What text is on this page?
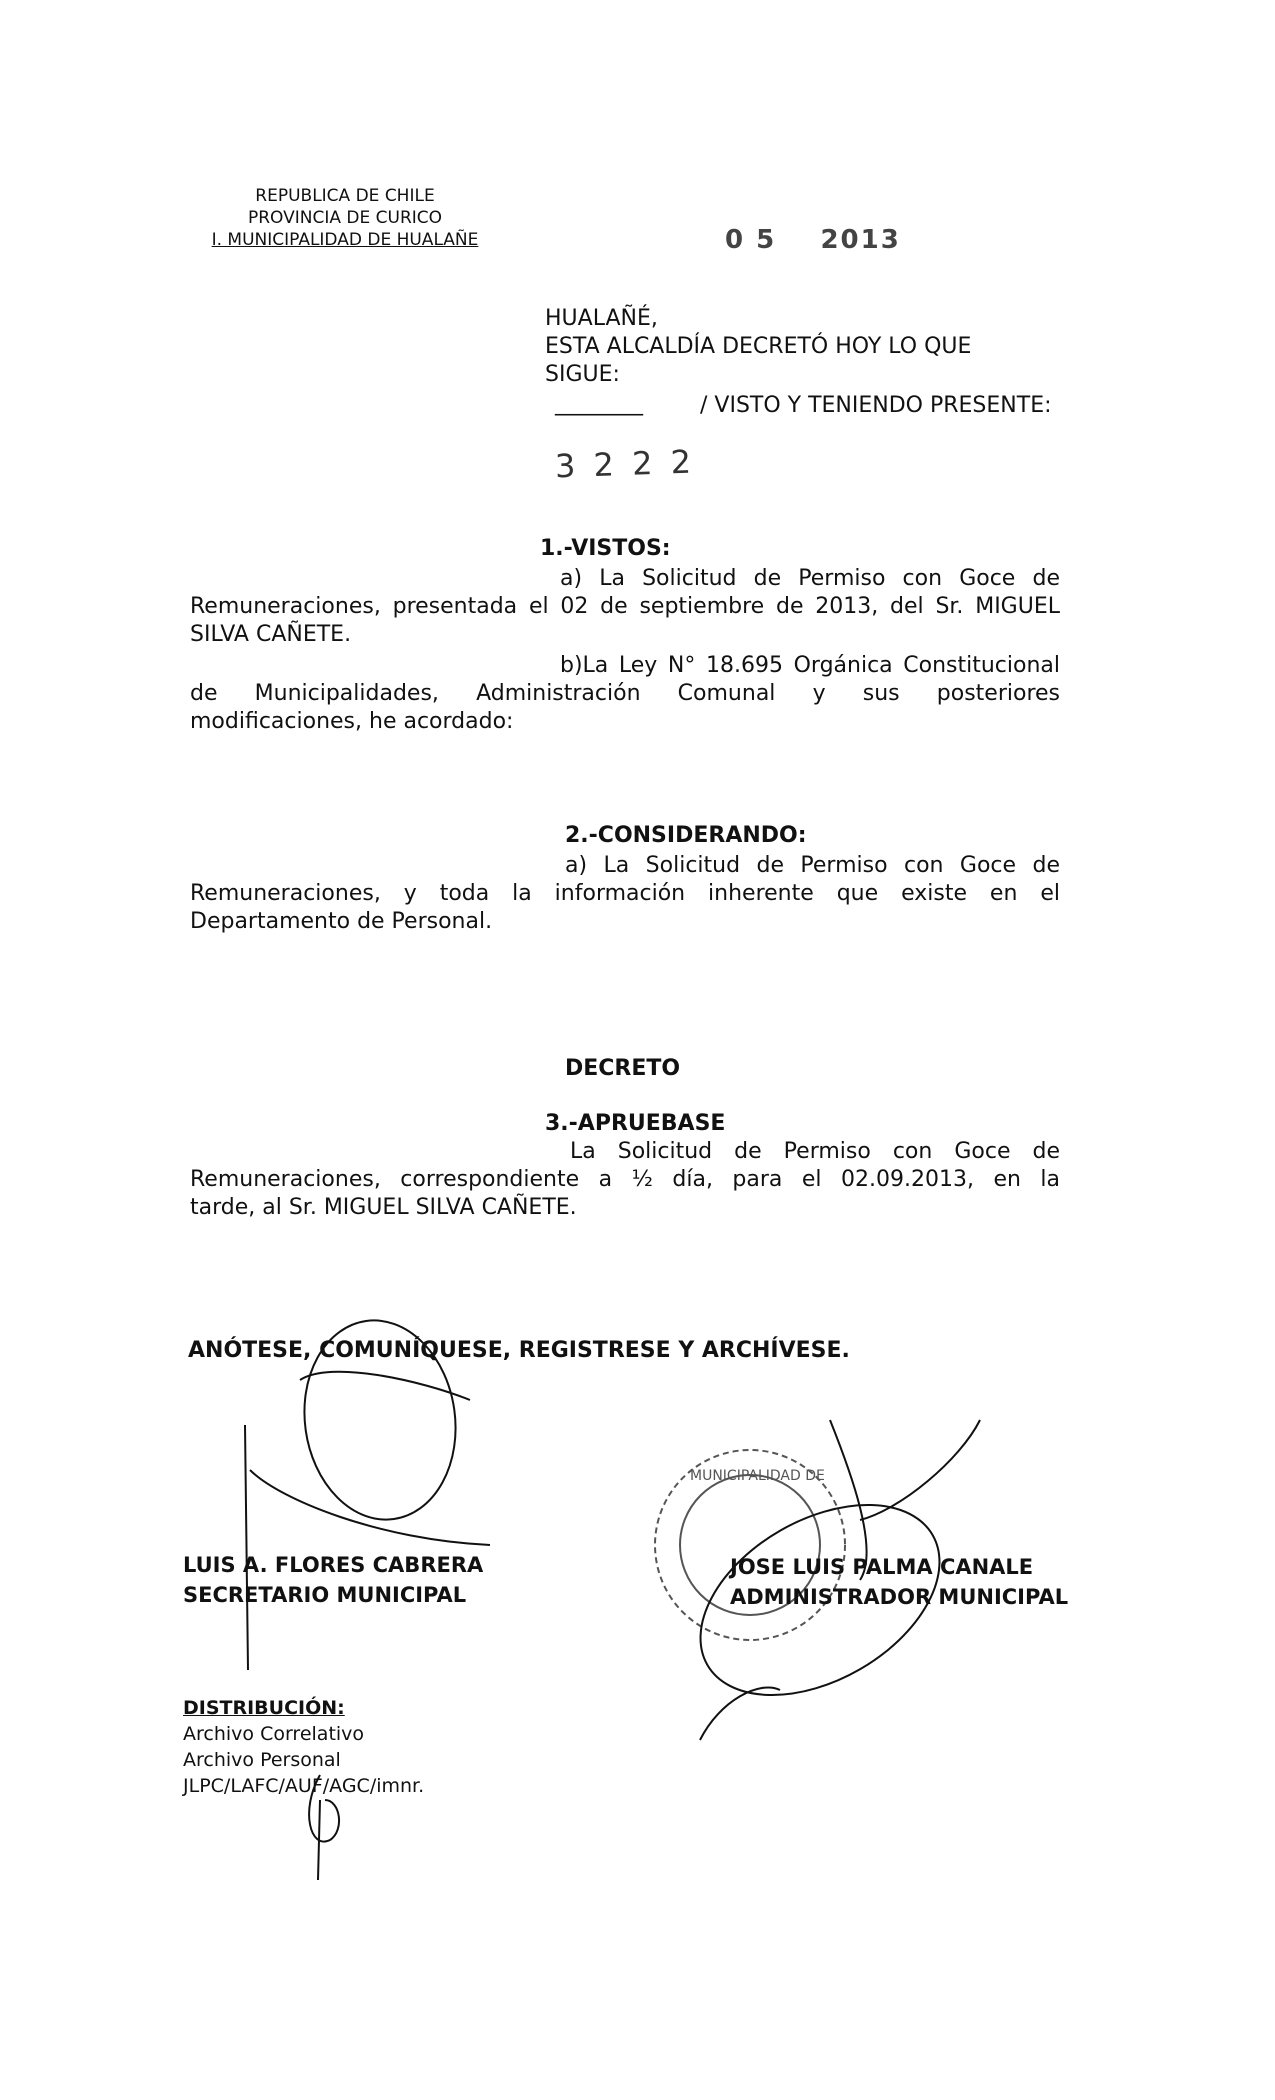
REPUBLICA DE CHILE
PROVINCIA DE CURICO
I. MUNICIPALIDAD DE HUALAÑE	0 5    2013
HUALAÑÉ,
ESTA ALCALDÍA DECRETÓ HOY LO QUE
SIGUE:
________	/ VISTO Y TENIENDO PRESENTE:
3 2 2 2
1.-VISTOS:
a) La Solicitud de Permiso con Goce de
Remuneraciones, presentada el 02 de septiembre de 2013, del Sr. MIGUEL
SILVA CAÑETE.
b)La Ley N° 18.695 Orgánica Constitucional
de Municipalidades, Administración Comunal y sus posteriores
modificaciones, he acordado:
2.-CONSIDERANDO:
a) La Solicitud de Permiso con Goce de
Remuneraciones, y toda la información inherente que existe en el
Departamento de Personal.
DECRETO
3.-APRUEBASE
La Solicitud de Permiso con Goce de
Remuneraciones, correspondiente a ½ día, para el 02.09.2013, en la
tarde, al Sr. MIGUEL SILVA CAÑETE.
ANÓTESE, COMUNÍQUESE, REGISTRESE Y ARCHÍVESE.
MUNICIPALIDAD DE
LUIS A. FLORES CABRERA
SECRETARIO MUNICIPAL
JOSE LUIS PALMA CANALE
ADMINISTRADOR MUNICIPAL
DISTRIBUCIÓN:
Archivo Correlativo
Archivo Personal
JLPC/LAFC/AUF/AGC/imnr.
